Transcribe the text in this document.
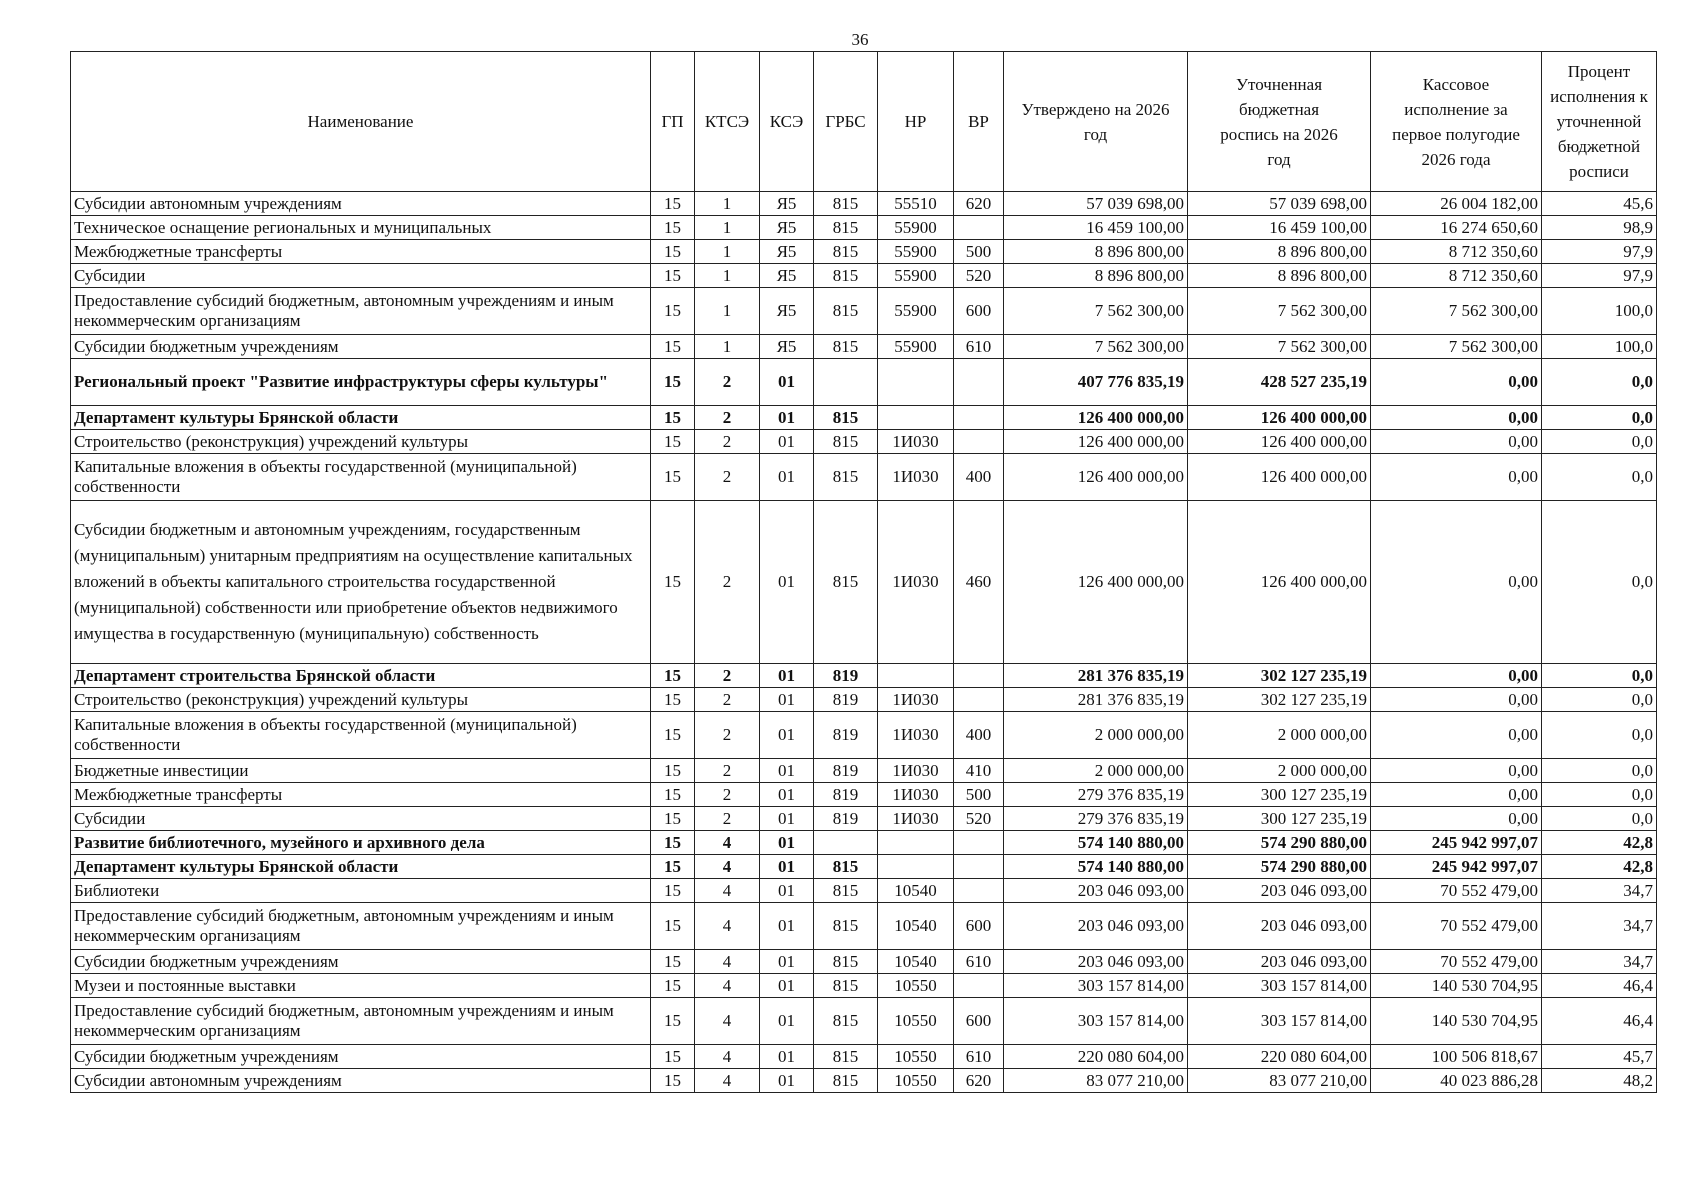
36
Наименование	ГП	КТСЭ	КСЭ	ГРБС	НР	ВР	Утверждено на 2026 год	Уточненная бюджетная роспись на 2026 год	Кассовое исполнение за первое полугодие 2026 года	Процент исполнения к уточненной бюджетной росписи
Субсидии автономным учреждениям	15	1	Я5	815	55510	620	57 039 698,00	57 039 698,00	26 004 182,00	45,6
Техническое оснащение региональных и муниципальных	15	1	Я5	815	55900		16 459 100,00	16 459 100,00	16 274 650,60	98,9
Межбюджетные трансферты	15	1	Я5	815	55900	500	8 896 800,00	8 896 800,00	8 712 350,60	97,9
Субсидии	15	1	Я5	815	55900	520	8 896 800,00	8 896 800,00	8 712 350,60	97,9
Предоставление субсидий бюджетным, автономным учреждениям и иным некоммерческим организациям	15	1	Я5	815	55900	600	7 562 300,00	7 562 300,00	7 562 300,00	100,0
Субсидии бюджетным учреждениям	15	1	Я5	815	55900	610	7 562 300,00	7 562 300,00	7 562 300,00	100,0
Региональный проект "Развитие инфраструктуры сферы культуры"	15	2	01				407 776 835,19	428 527 235,19	0,00	0,0
Департамент культуры Брянской области	15	2	01	815			126 400 000,00	126 400 000,00	0,00	0,0
Строительство (реконструкция) учреждений культуры	15	2	01	815	1И030		126 400 000,00	126 400 000,00	0,00	0,0
Капитальные вложения в объекты государственной (муниципальной) собственности	15	2	01	815	1И030	400	126 400 000,00	126 400 000,00	0,00	0,0
Субсидии бюджетным и автономным учреждениям, государственным (муниципальным) унитарным предприятиям на осуществление капитальных вложений в объекты капитального строительства государственной (муниципальной) собственности или приобретение объектов недвижимого имущества в государственную (муниципальную) собственность	15	2	01	815	1И030	460	126 400 000,00	126 400 000,00	0,00	0,0
Департамент строительства Брянской области	15	2	01	819			281 376 835,19	302 127 235,19	0,00	0,0
Строительство (реконструкция) учреждений культуры	15	2	01	819	1И030		281 376 835,19	302 127 235,19	0,00	0,0
Капитальные вложения в объекты государственной (муниципальной) собственности	15	2	01	819	1И030	400	2 000 000,00	2 000 000,00	0,00	0,0
Бюджетные инвестиции	15	2	01	819	1И030	410	2 000 000,00	2 000 000,00	0,00	0,0
Межбюджетные трансферты	15	2	01	819	1И030	500	279 376 835,19	300 127 235,19	0,00	0,0
Субсидии	15	2	01	819	1И030	520	279 376 835,19	300 127 235,19	0,00	0,0
Развитие библиотечного, музейного и архивного дела	15	4	01				574 140 880,00	574 290 880,00	245 942 997,07	42,8
Департамент культуры Брянской области	15	4	01	815			574 140 880,00	574 290 880,00	245 942 997,07	42,8
Библиотеки	15	4	01	815	10540		203 046 093,00	203 046 093,00	70 552 479,00	34,7
Предоставление субсидий бюджетным, автономным учреждениям и иным некоммерческим организациям	15	4	01	815	10540	600	203 046 093,00	203 046 093,00	70 552 479,00	34,7
Субсидии бюджетным учреждениям	15	4	01	815	10540	610	203 046 093,00	203 046 093,00	70 552 479,00	34,7
Музеи и постоянные выставки	15	4	01	815	10550		303 157 814,00	303 157 814,00	140 530 704,95	46,4
Предоставление субсидий бюджетным, автономным учреждениям и иным некоммерческим организациям	15	4	01	815	10550	600	303 157 814,00	303 157 814,00	140 530 704,95	46,4
Субсидии бюджетным учреждениям	15	4	01	815	10550	610	220 080 604,00	220 080 604,00	100 506 818,67	45,7
Субсидии автономным учреждениям	15	4	01	815	10550	620	83 077 210,00	83 077 210,00	40 023 886,28	48,2
